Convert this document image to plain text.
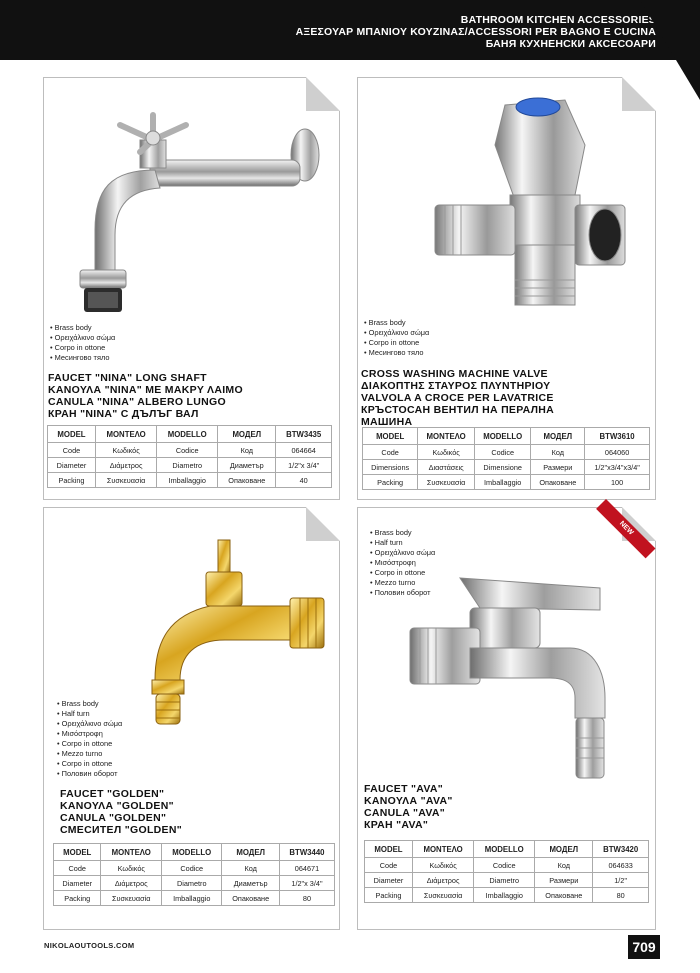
BATHROOM KITCHEN ACCESSORIES
ΑΞΕΣΟΥΑΡ ΜΠΑΝΙΟΥ ΚΟΥΖΙΝΑΣ/ACCESSORI PER BAGNO E CUCINA
БАНЯ КУХНЕНСКИ АКСЕСОАРИ
• Brass body
• Ορειχάλκινο σώμα
• Corpo in ottone
• Месингово тяло
FAUCET "NINA" LONG SHAFT
ΚΑΝΟΥΛΑ "NINA" ΜΕ ΜΑΚΡΥ ΛΑΙΜΟ
CANULA "NINA" ALBERO LUNGO
КРАН "NINA" С ДЪЛЪГ ВАЛ
MODEL	ΜΟΝΤΕΛΟ	MODELLO	МОДЕЛ	BTW3435
Code	Κωδικός	Codice	Код	064664
Diameter	Διάμετρος	Diametro	Диаметър	1/2"x 3/4"
Packing	Συσκευασία	Imballaggio	Опаковане	40
• Brass body
• Ορειχάλκινο σώμα
• Corpo in ottone
• Месингово тяло
CROSS WASHING MACHINE VALVE
ΔΙΑΚΟΠΤΗΣ ΣΤΑΥΡΟΣ ΠΛΥΝΤΗΡΙΟΥ
VALVOLA A CROCE PER LAVATRICE
КРЪСТОСАН ВЕНТИЛ НА ПЕРАЛНА
МАШИНА
MODEL	ΜΟΝΤΕΛΟ	MODELLO	МОДЕЛ	BTW3610
Code	Κωδικός	Codice	Код	064060
Dimensions	Διαστάσεις	Dimensione	Размери	1/2"x3/4"x3/4"
Packing	Συσκευασία	Imballaggio	Опаковане	100
• Brass body
• Half turn
• Ορειχάλκινο σώμα
• Μισόστροφη
• Corpo in ottone
• Mezzo turno
• Corpo in ottone
• Половин оборот
FAUCET "GOLDEN"
ΚΑΝΟΥΛΑ "GOLDEN"
CANULA "GOLDEN"
СМЕСИТЕЛ "GOLDEN"
MODEL	ΜΟΝΤΕΛΟ	MODELLO	МОДЕЛ	BTW3440
Code	Κωδικός	Codice	Код	064671
Diameter	Διάμετρος	Diametro	Диаметър	1/2"x 3/4"
Packing	Συσκευασία	Imballaggio	Опаковане	80
NEW
• Brass body
• Half turn
• Ορειχάλκινο σώμα
• Μισόστροφη
• Corpo in ottone
• Mezzo turno
• Половин оборот
FAUCET "AVA"
ΚΑΝΟΥΛΑ "AVA"
CANULA "AVA"
КРАН "AVA"
MODEL	ΜΟΝΤΕΛΟ	MODELLO	МОДЕЛ	BTW3420
Code	Κωδικός	Codice	Код	064633
Diameter	Διάμετρος	Diametro	Размери	1/2''
Packing	Συσκευασία	Imballaggio	Опаковане	80
NIKOLAOUTOOLS.COM	709
